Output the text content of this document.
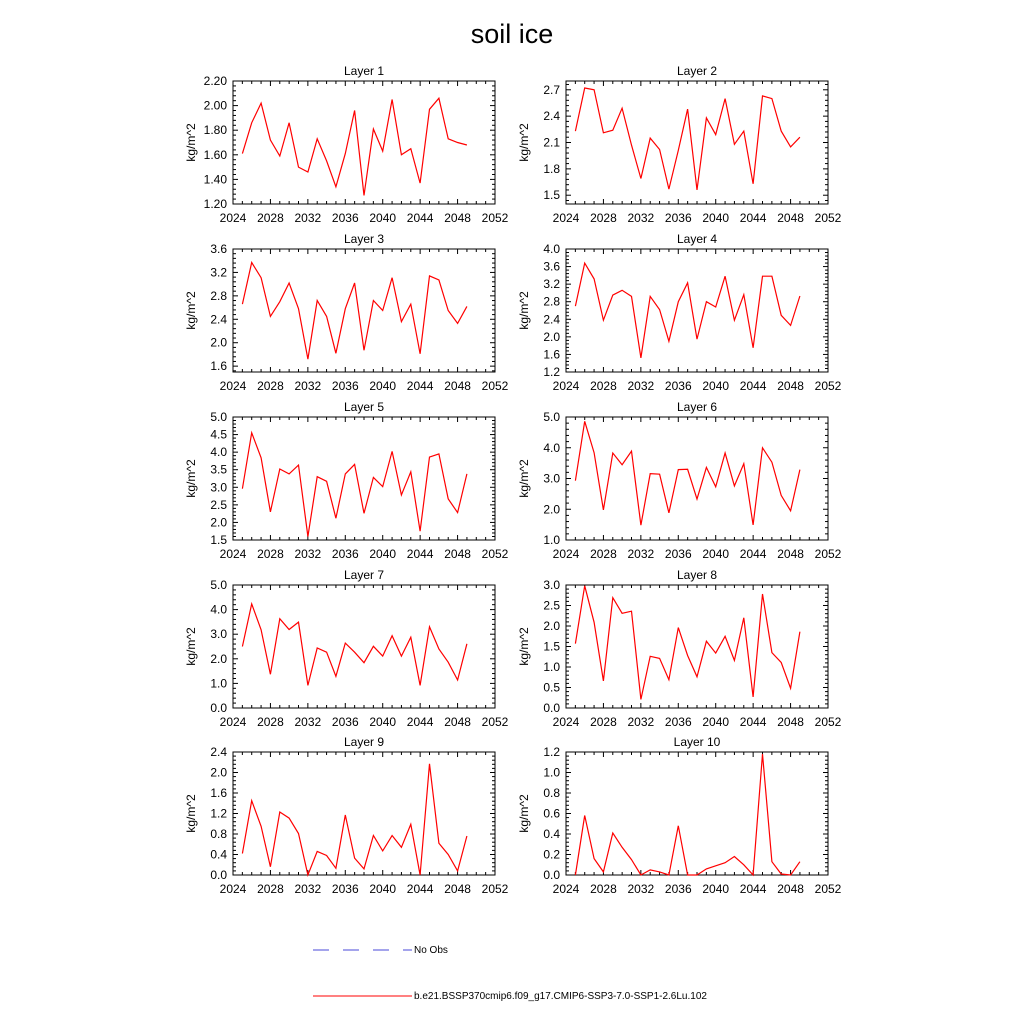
soil ice
Layer 1
2024 2028 2032 2036 2040 2044 2048 2052
1.20
1.40
1.60
1.80
2.00
2.20
kg/m^2
Layer 2
2024 2028 2032 2036 2040 2044 2048 2052
1.5
1.8
2.1
2.4
2.7
kg/m^2
Layer 3
2024 2028 2032 2036 2040 2044 2048 2052
1.6
2.0
2.4
2.8
3.2
3.6
kg/m^2
Layer 4
2024 2028 2032 2036 2040 2044 2048 2052
1.2
1.6
2.0
2.4
2.8
3.2
3.6
4.0
kg/m^2
Layer 5
2024 2028 2032 2036 2040 2044 2048 2052
1.5
2.0
2.5
3.0
3.5
4.0
4.5
5.0
kg/m^2
Layer 6
2024 2028 2032 2036 2040 2044 2048 2052
1.0
2.0
3.0
4.0
5.0
kg/m^2
Layer 7
2024 2028 2032 2036 2040 2044 2048 2052
0.0
1.0
2.0
3.0
4.0
5.0
kg/m^2
Layer 8
2024 2028 2032 2036 2040 2044 2048 2052
0.0
0.5
1.0
1.5
2.0
2.5
3.0
kg/m^2
Layer 9
2024 2028 2032 2036 2040 2044 2048 2052
0.0
0.4
0.8
1.2
1.6
2.0
2.4
kg/m^2
Layer 10
2024 2028 2032 2036 2040 2044 2048 2052
0.0
0.2
0.4
0.6
0.8
1.0
1.2
kg/m^2
No Obs
b.e21.BSSP370cmip6.f09_g17.CMIP6-SSP3-7.0-SSP1-2.6Lu.102
